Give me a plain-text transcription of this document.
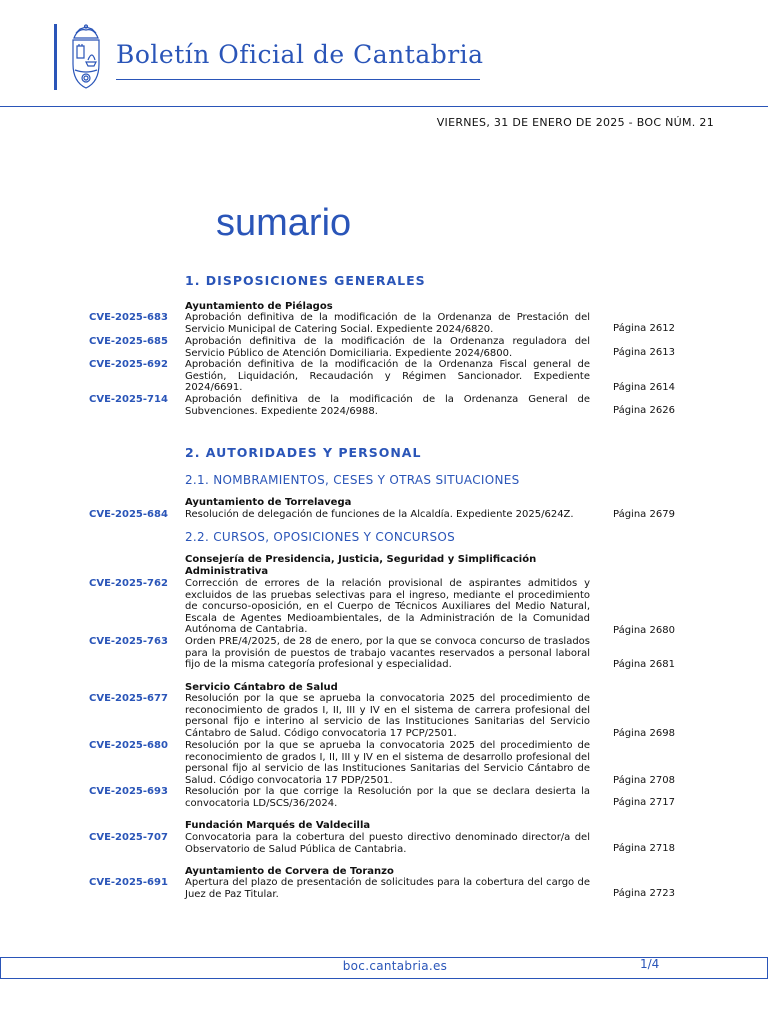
Boletín Oficial de Cantabria
VIERNES, 31 DE ENERO DE 2025 - BOC NÚM. 21
sumario
1. DISPOSICIONES GENERALES
Ayuntamiento de Piélagos
CVE-2025-683 Aprobación definitiva de la modificación de la Ordenanza de Prestación del Servicio Municipal de Catering Social. Expediente 2024/6820.	Página 2612
CVE-2025-685 Aprobación definitiva de la modificación de la Ordenanza reguladora del Servicio Público de Atención Domiciliaria. Expediente 2024/6800.	Página 2613
CVE-2025-692 Aprobación definitiva de la modificación de la Ordenanza Fiscal general de Gestión, Liquidación, Recaudación y Régimen Sancionador. Expediente 2024/6691.	Página 2614
CVE-2025-714 Aprobación definitiva de la modificación de la Ordenanza General de Subvenciones. Expediente 2024/6988.	Página 2626
2. AUTORIDADES Y PERSONAL
2.1. NOMBRAMIENTOS, CESES Y OTRAS SITUACIONES
Ayuntamiento de Torrelavega
CVE-2025-684 Resolución de delegación de funciones de la Alcaldía. Expediente 2025/624Z.	Página 2679
2.2. CURSOS, OPOSICIONES Y CONCURSOS
Consejería de Presidencia, Justicia, Seguridad y Simplificación Administrativa
CVE-2025-762 Corrección de errores de la relación provisional de aspirantes admitidos y excluidos de las pruebas selectivas para el ingreso, mediante el procedimiento de concurso-oposición, en el Cuerpo de Técnicos Auxiliares del Medio Natural, Escala de Agentes Medioambientales, de la Administración de la Comunidad Autónoma de Cantabria.	Página 2680
CVE-2025-763 Orden PRE/4/2025, de 28 de enero, por la que se convoca concurso de traslados para la provisión de puestos de trabajo vacantes reservados a personal laboral fijo de la misma categoría profesional y especialidad.	Página 2681
Servicio Cántabro de Salud
CVE-2025-677 Resolución por la que se aprueba la convocatoria 2025 del procedimiento de reconocimiento de grados I, II, III y IV en el sistema de carrera profesional del personal fijo e interino al servicio de las Instituciones Sanitarias del Servicio Cántabro de Salud. Código convocatoria 17 PCP/2501.	Página 2698
CVE-2025-680 Resolución por la que se aprueba la convocatoria 2025 del procedimiento de reconocimiento de grados I, II, III y IV en el sistema de desarrollo profesional del personal fijo al servicio de las Instituciones Sanitarias del Servicio Cántabro de Salud. Código convocatoria 17 PDP/2501.	Página 2708
CVE-2025-693 Resolución por la que corrige la Resolución por la que se declara desierta la convocatoria LD/SCS/36/2024.	Página 2717
Fundación Marqués de Valdecilla
CVE-2025-707 Convocatoria para la cobertura del puesto directivo denominado director/a del Observatorio de Salud Pública de Cantabria.	Página 2718
Ayuntamiento de Corvera de Toranzo
CVE-2025-691 Apertura del plazo de presentación de solicitudes para la cobertura del cargo de Juez de Paz Titular.	Página 2723
boc.cantabria.es	1/4
